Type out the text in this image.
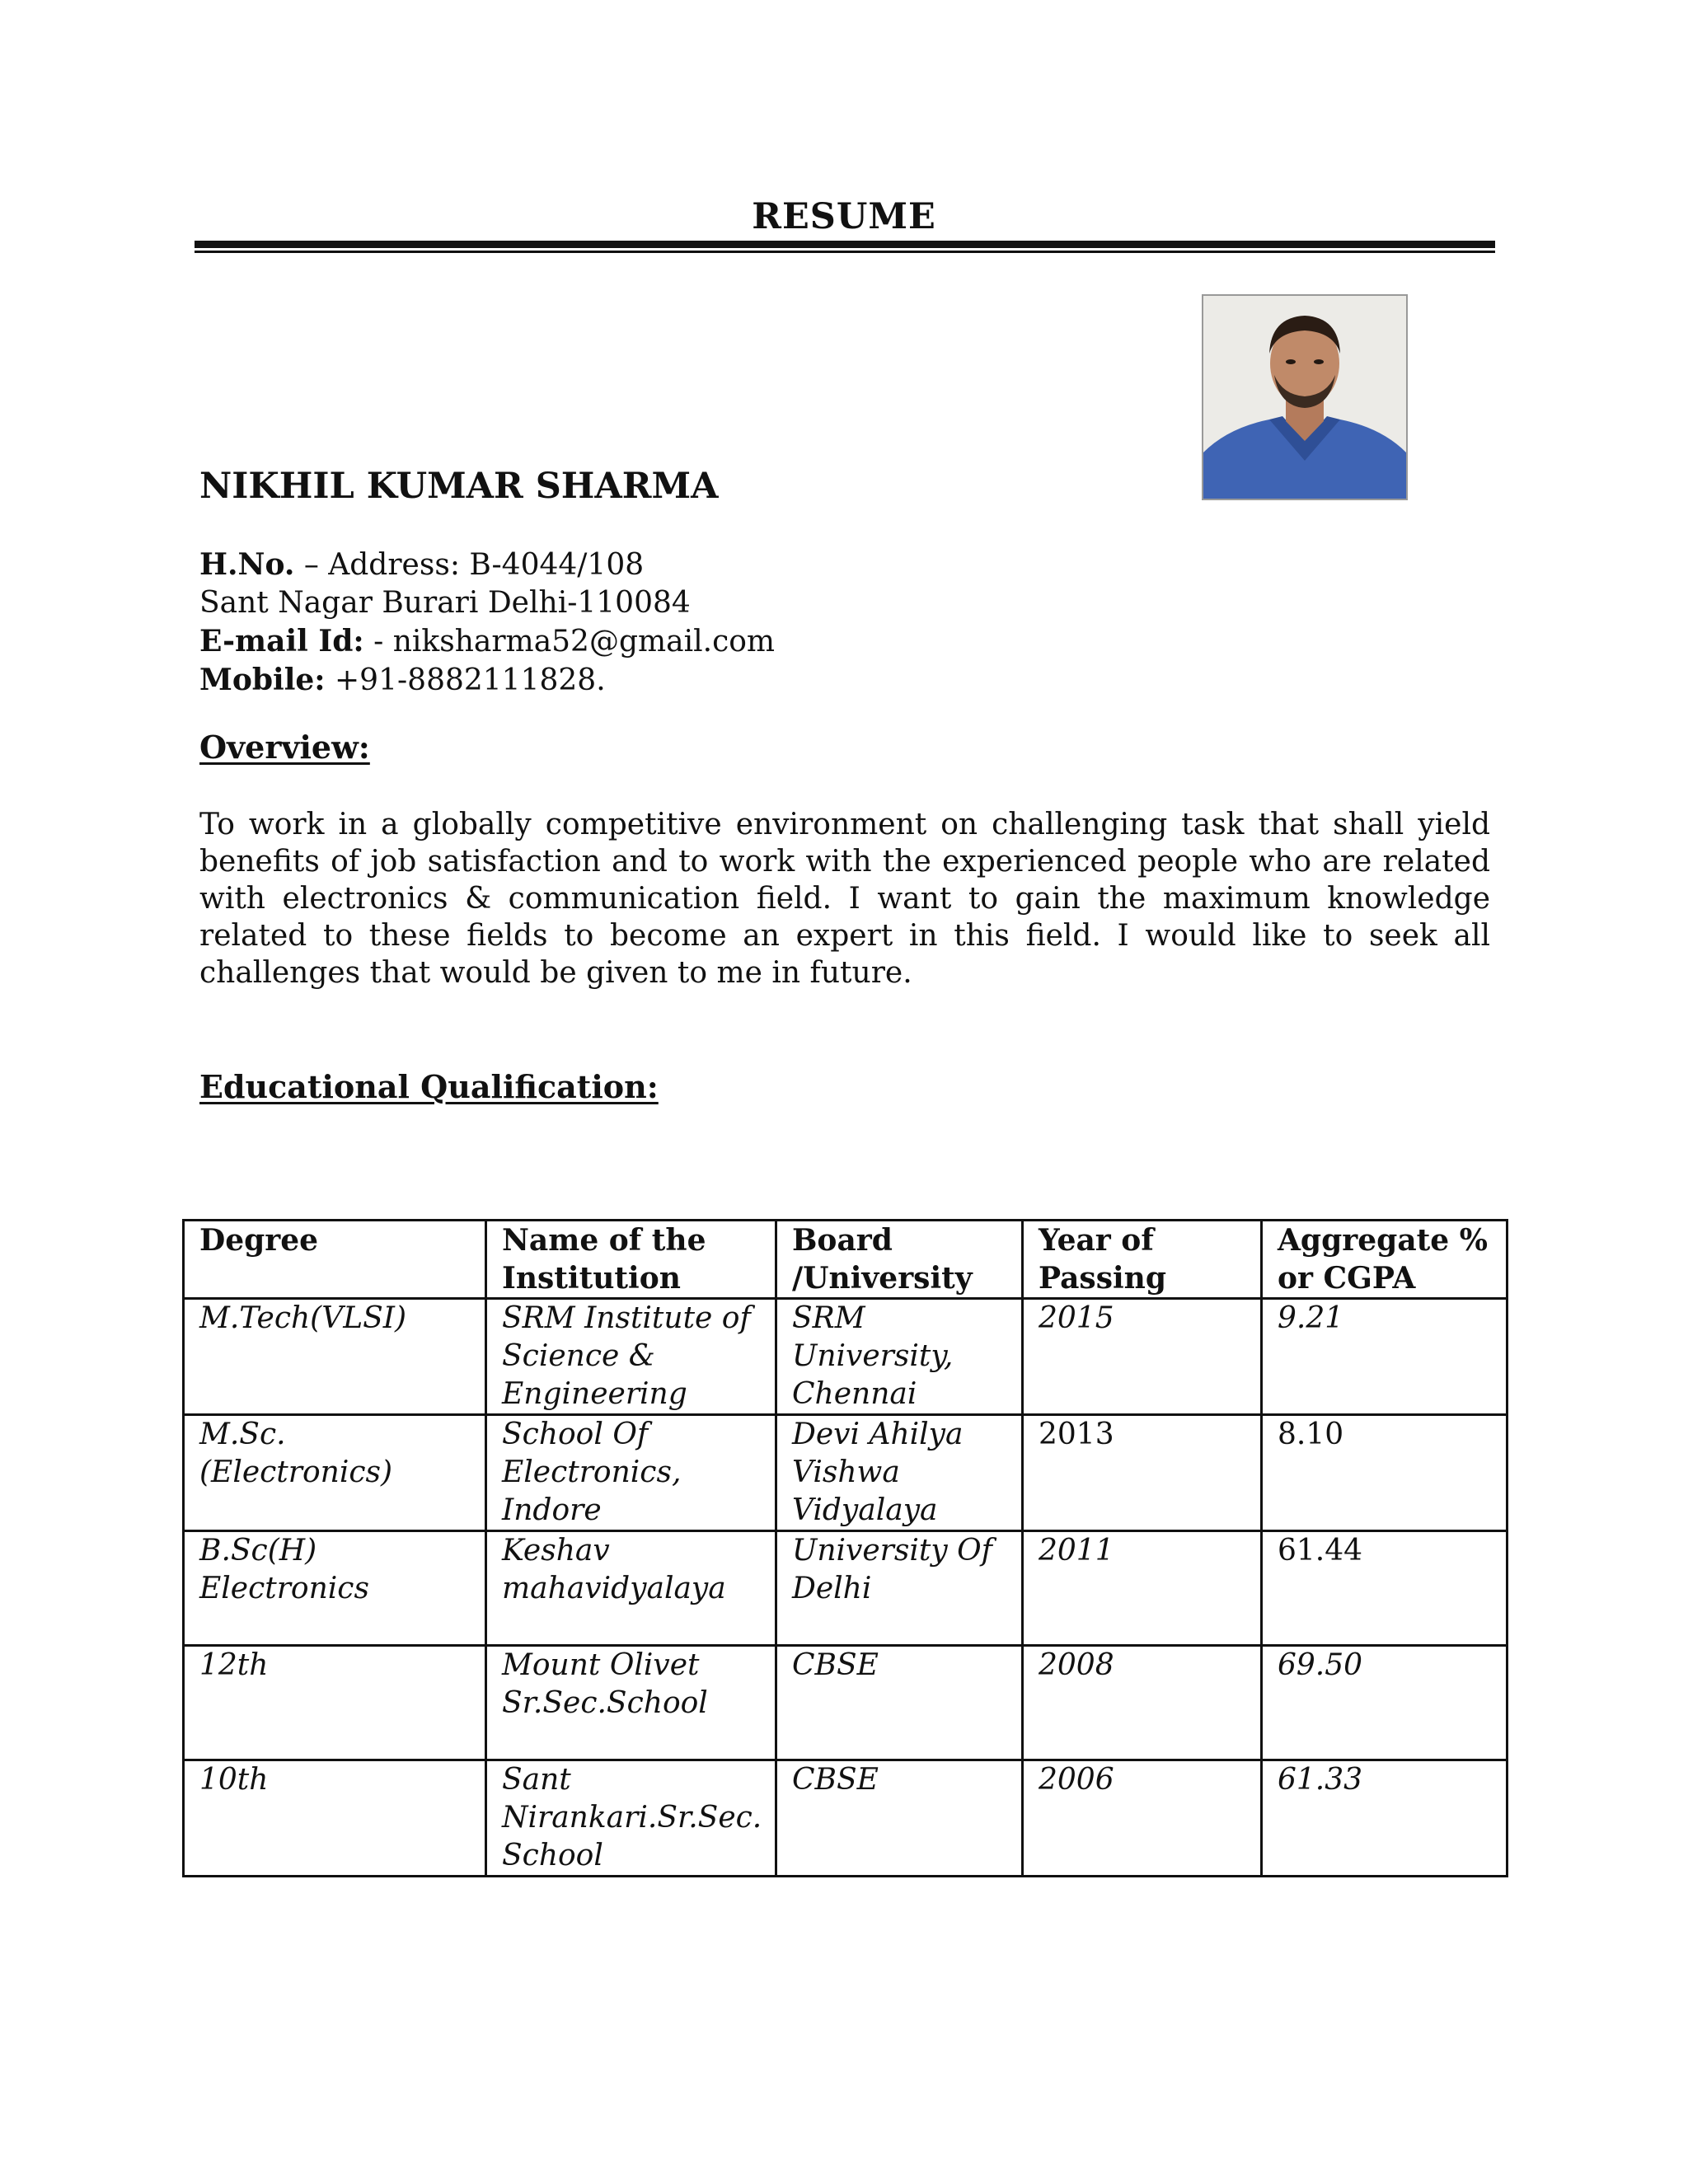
RESUME
NIKHIL KUMAR SHARMA
H.No. – Address: B-4044/108
Sant Nagar Burari Delhi-110084
E-mail Id: - niksharma52@gmail.com
Mobile: +91-8882111828.
Overview:
To work in a globally competitive environment on challenging task that shall yield benefits of job satisfaction and to work with the experienced people who are related with electronics & communication field. I want to gain the maximum knowledge related to these fields to become an expert in this field. I would like to seek all challenges that would be given to me in future.
Educational Qualification:
Degree	Name of the Institution	Board /University	Year of Passing	Aggregate % or CGPA
M.Tech(VLSI)	SRM Institute of Science & Engineering	SRM University, Chennai	2015	9.21
M.Sc.(Electronics)	School Of Electronics, Indore	Devi Ahilya Vishwa Vidyalaya	2013	8.10
B.Sc(H) Electronics	Keshav mahavidyalaya	University Of Delhi	2011	61.44
12th	Mount Olivet Sr.Sec.School	CBSE	2008	69.50
10th	Sant Nirankari.Sr.Sec. School	CBSE	2006	61.33
